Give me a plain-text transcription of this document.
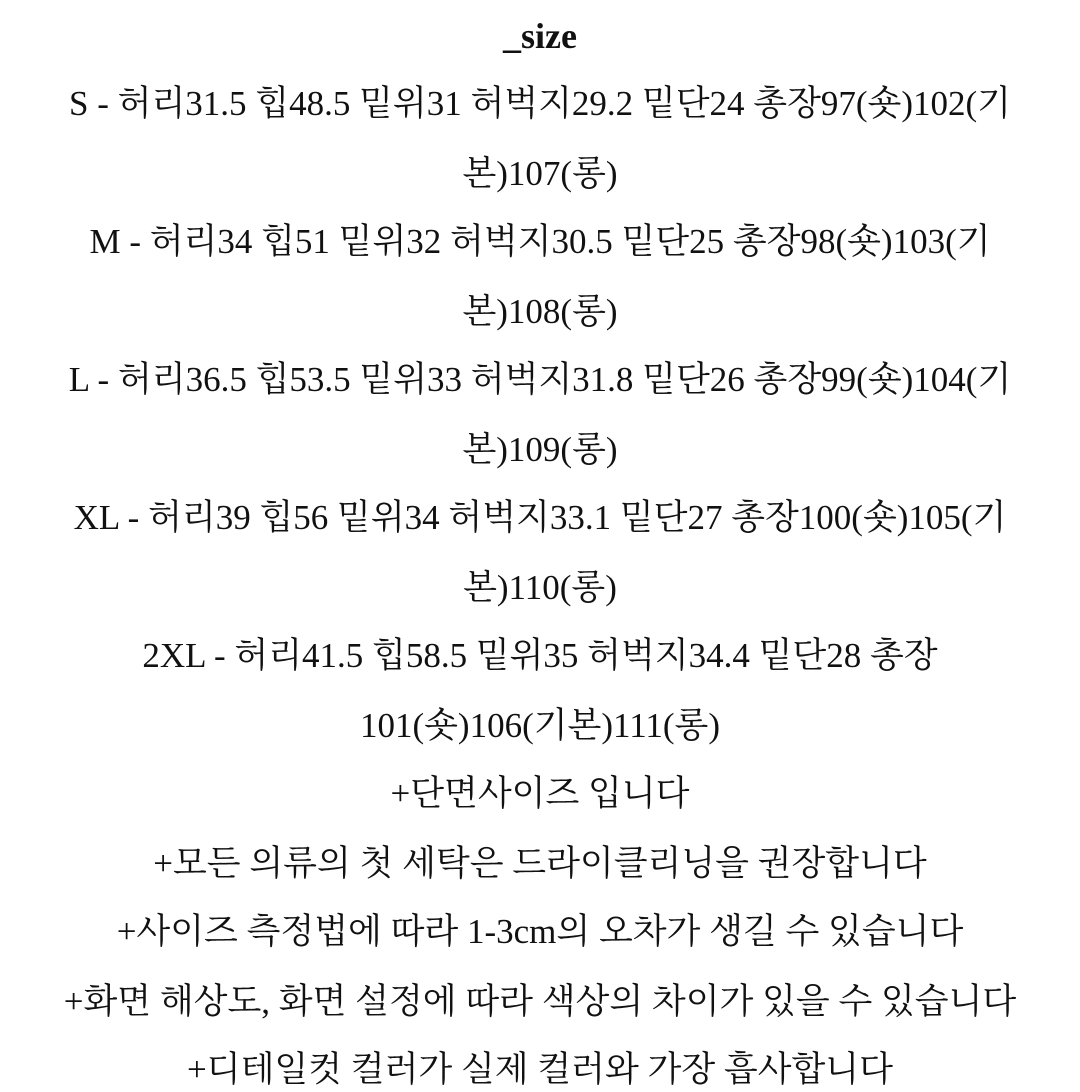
_size
S - 허리31.5 힙48.5 밑위31 허벅지29.2 밑단24 총장97(숏)102(기
본)107(롱)
M - 허리34 힙51 밑위32 허벅지30.5 밑단25 총장98(숏)103(기
본)108(롱)
L - 허리36.5 힙53.5 밑위33 허벅지31.8 밑단26 총장99(숏)104(기
본)109(롱)
XL - 허리39 힙56 밑위34 허벅지33.1 밑단27 총장100(숏)105(기
본)110(롱)
2XL - 허리41.5 힙58.5 밑위35 허벅지34.4 밑단28 총장
101(숏)106(기본)111(롱)
+단면사이즈 입니다
+모든 의류의 첫 세탁은 드라이클리닝을 권장합니다
+사이즈 측정법에 따라 1-3cm의 오차가 생길 수 있습니다
+화면 해상도, 화면 설정에 따라 색상의 차이가 있을 수 있습니다
+디테일컷 컬러가 실제 컬러와 가장 흡사합니다
